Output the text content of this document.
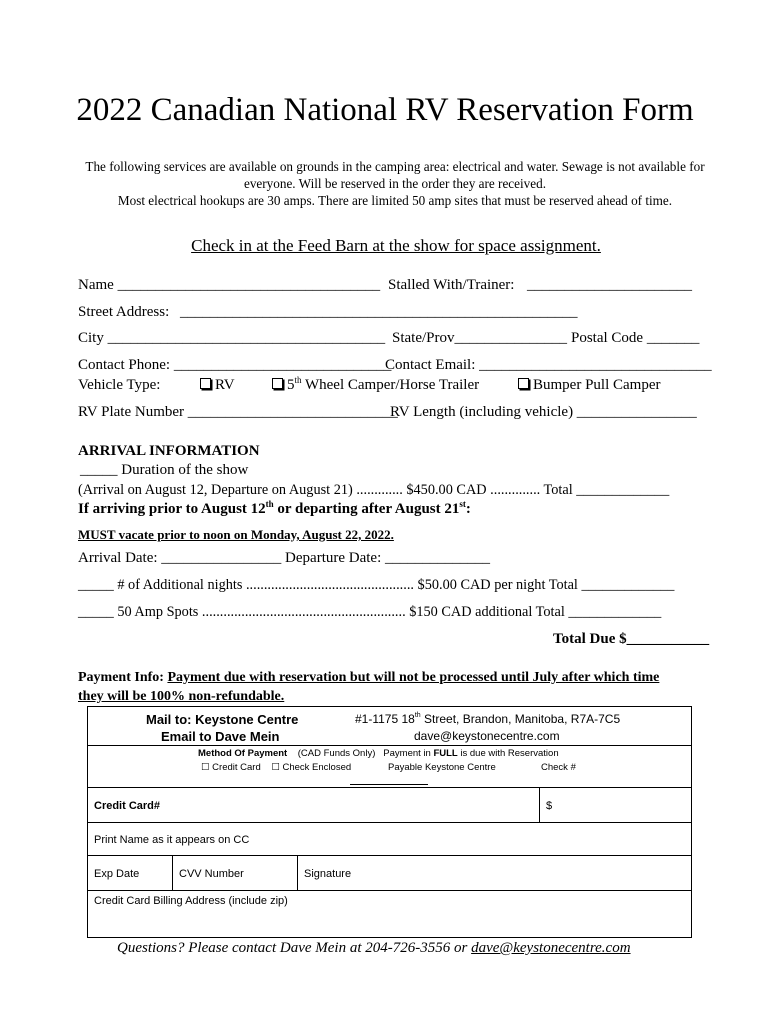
2022 Canadian National RV Reservation Form
The following services are available on grounds in the camping area: electrical and water. Sewage is not available for everyone. Will be reserved in the order they are received.
Most electrical hookups are 30 amps. There are limited 50 amp sites that must be reserved ahead of time.
Check in at the Feed Barn at the show for space assignment.
Name ___________________________________ Stalled With/Trainer: ______________________
Street Address: _____________________________________________________
City _____________________________________ State/Prov_______________ Postal Code _______
Contact Phone: _____________________________
Contact Email: _______________________________
Vehicle Type:	RV	5th Wheel Camper/Horse Trailer	Bumper Pull Camper
RV Plate Number ____________________________
RV Length (including vehicle) ________________
ARRIVAL INFORMATION
_____ Duration of the show
(Arrival on August 12, Departure on August 21) ............. $450.00 CAD .............. Total _____________
If arriving prior to August 12th or departing after August 21st:
MUST vacate prior to noon on Monday, August 22, 2022.
Arrival Date: ________________ Departure Date: ______________
_____ # of Additional nights ............................................... $50.00 CAD per night Total _____________
_____ 50 Amp Spots ......................................................... $150 CAD additional Total _____________
Total Due $___________
Payment Info: Payment due with reservation but will not be processed until July after which time
they will be 100% non-refundable.
Mail to: Keystone Centre
Email to Dave Mein
#1-1175 18th Street, Brandon, Manitoba, R7A-7C5
dave@keystonecentre.com
Method Of Payment (CAD Funds Only) Payment in FULL is due with Reservation
☐ Credit Card ☐ Check Enclosed	Payable Keystone Centre	Check #
Credit Card#	$
Print Name as it appears on CC
Exp Date	CVV Number	Signature
Credit Card Billing Address (include zip)
Questions? Please contact Dave Mein at 204-726-3556 or dave@keystonecentre.com
